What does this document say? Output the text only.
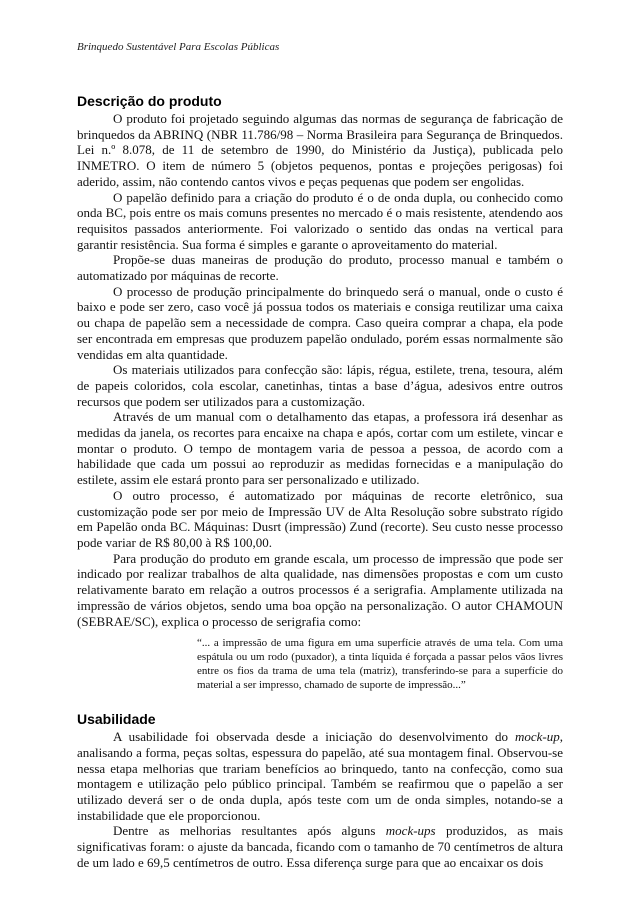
Brinquedo Sustentável Para Escolas Públicas
Descrição do produto

O produto foi projetado seguindo algumas das normas de segurança de fabricação de brinquedos da ABRINQ (NBR 11.786/98 – Norma Brasileira para Segurança de Brinquedos. Lei n.º 8.078, de 11 de setembro de 1990, do Ministério da Justiça), publicada pelo INMETRO. O item de número 5 (objetos pequenos, pontas e projeções perigosas) foi aderido, assim, não contendo cantos vivos e peças pequenas que podem ser engolidas.

O papelão definido para a criação do produto é o de onda dupla, ou conhecido como onda BC, pois entre os mais comuns presentes no mercado é o mais resistente, atendendo aos requisitos passados anteriormente. Foi valorizado o sentido das ondas na vertical para garantir resistência. Sua forma é simples e garante o aproveitamento do material.

Propõe-se duas maneiras de produção do produto, processo manual e também o automatizado por máquinas de recorte.

O processo de produção principalmente do brinquedo será o manual, onde o custo é baixo e pode ser zero, caso você já possua todos os materiais e consiga reutilizar uma caixa ou chapa de papelão sem a necessidade de compra. Caso queira comprar a chapa, ela pode ser encontrada em empresas que produzem papelão ondulado, porém essas normalmente são vendidas em alta quantidade.

Os materiais utilizados para confecção são: lápis, régua, estilete, trena, tesoura, além de papeis coloridos, cola escolar, canetinhas, tintas a base d’água, adesivos entre outros recursos que podem ser utilizados para a customização.

Através de um manual com o detalhamento das etapas, a professora irá desenhar as medidas da janela, os recortes para encaixe na chapa e após, cortar com um estilete, vincar e montar o produto. O tempo de montagem varia de pessoa a pessoa, de acordo com a habilidade que cada um possui ao reproduzir as medidas fornecidas e a manipulação do estilete, assim ele estará pronto para ser personalizado e utilizado.

O outro processo, é automatizado por máquinas de recorte eletrônico, sua customização pode ser por meio de Impressão UV de Alta Resolução sobre substrato rígido em Papelão onda BC. Máquinas: Dusrt (impressão) Zund (recorte). Seu custo nesse processo pode variar de R$ 80,00 à R$ 100,00.

Para produção do produto em grande escala, um processo de impressão que pode ser indicado por realizar trabalhos de alta qualidade, nas dimensões propostas e com um custo relativamente barato em relação a outros processos é a serigrafia. Amplamente utilizada na impressão de vários objetos, sendo uma boa opção na personalização. O autor CHAMOUN (SEBRAE/SC), explica o processo de serigrafia como:

“... a impressão de uma figura em uma superfície através de uma tela. Com uma espátula ou um rodo (puxador), a tinta líquida é forçada a passar pelos vãos livres entre os fios da trama de uma tela (matriz), transferindo-se para a superfície do material a ser impresso, chamado de suporte de impressão...”

Usabilidade

A usabilidade foi observada desde a iniciação do desenvolvimento do mock-up, analisando a forma, peças soltas, espessura do papelão, até sua montagem final. Observou-se nessa etapa melhorias que trariam benefícios ao brinquedo, tanto na confecção, como sua montagem e utilização pelo público principal. Também se reafirmou que o papelão a ser utilizado deverá ser o de onda dupla, após teste com um de onda simples, notando-se a instabilidade que ele proporcionou.

Dentre as melhorias resultantes após alguns mock-ups produzidos, as mais significativas foram: o ajuste da bancada, ficando com o tamanho de 70 centímetros de altura de um lado e 69,5 centímetros de outro. Essa diferença surge para que ao encaixar os dois
